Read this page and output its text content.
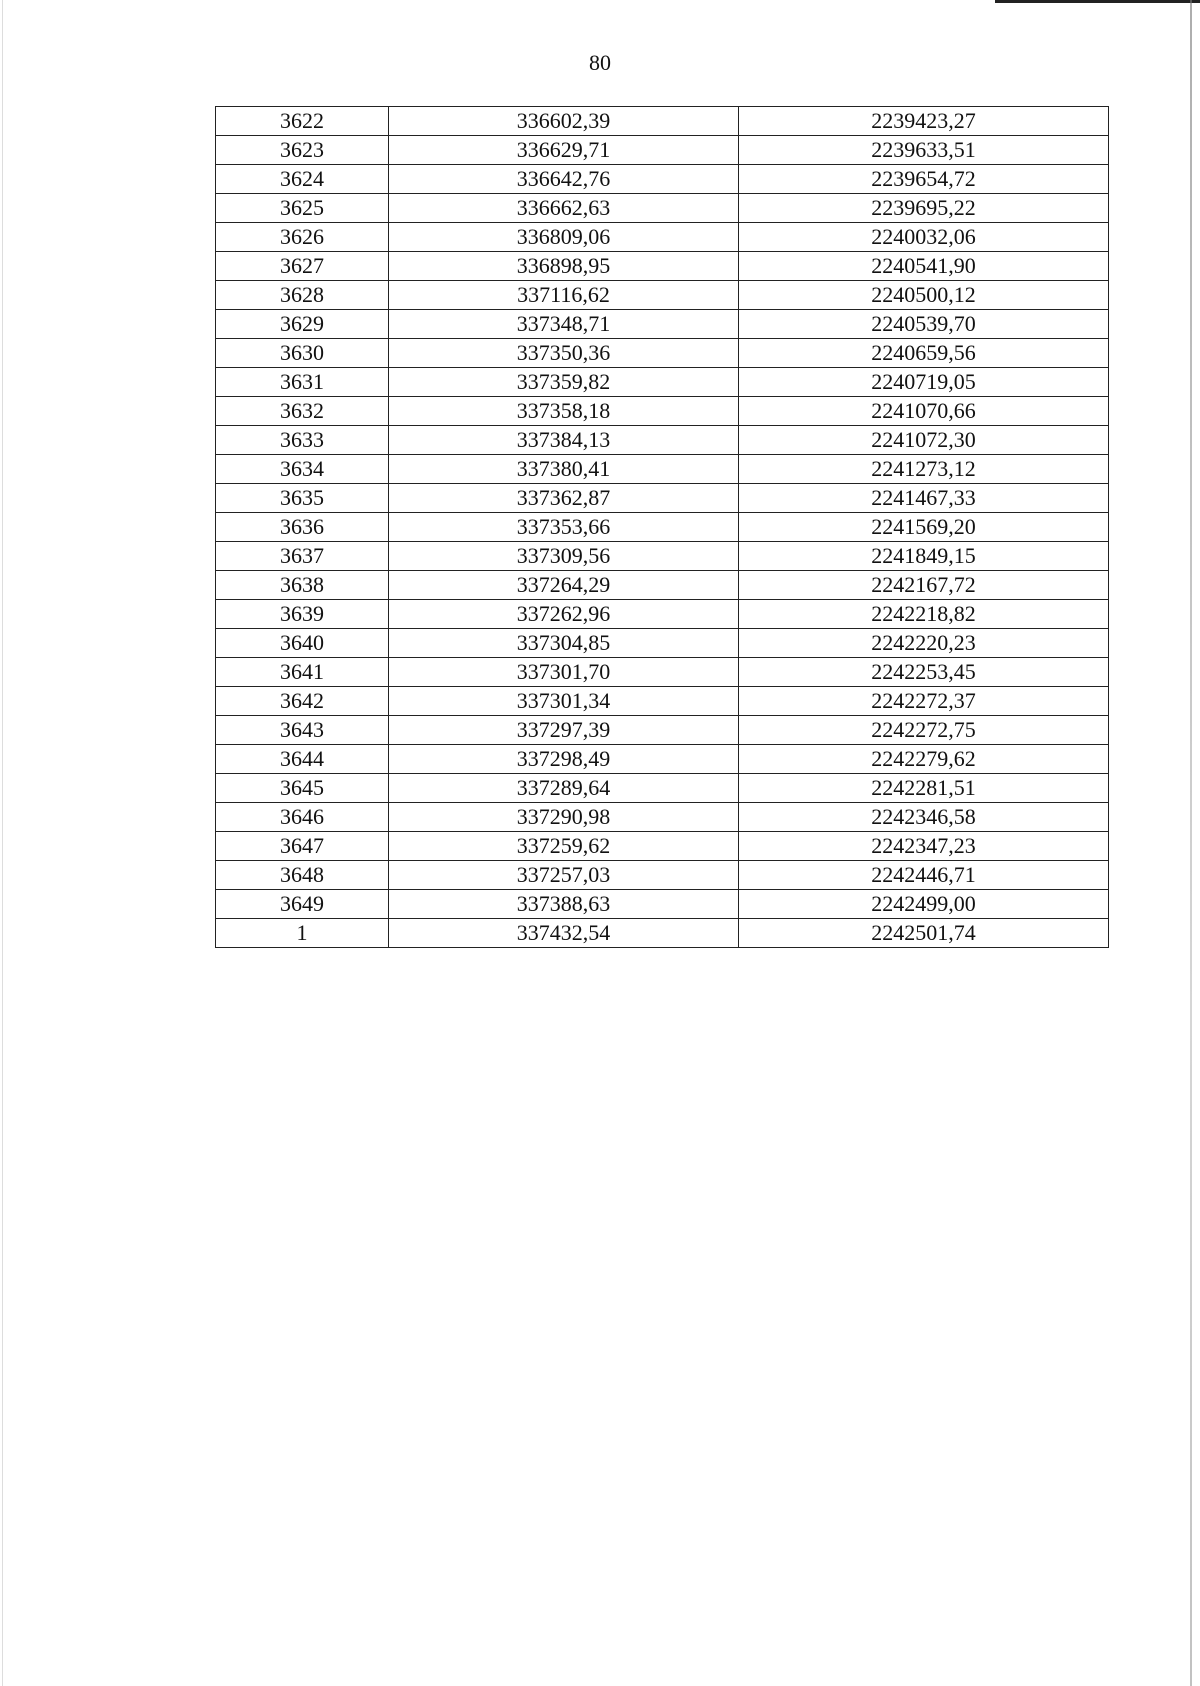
80
3622	336602,39	2239423,27
3623	336629,71	2239633,51
3624	336642,76	2239654,72
3625	336662,63	2239695,22
3626	336809,06	2240032,06
3627	336898,95	2240541,90
3628	337116,62	2240500,12
3629	337348,71	2240539,70
3630	337350,36	2240659,56
3631	337359,82	2240719,05
3632	337358,18	2241070,66
3633	337384,13	2241072,30
3634	337380,41	2241273,12
3635	337362,87	2241467,33
3636	337353,66	2241569,20
3637	337309,56	2241849,15
3638	337264,29	2242167,72
3639	337262,96	2242218,82
3640	337304,85	2242220,23
3641	337301,70	2242253,45
3642	337301,34	2242272,37
3643	337297,39	2242272,75
3644	337298,49	2242279,62
3645	337289,64	2242281,51
3646	337290,98	2242346,58
3647	337259,62	2242347,23
3648	337257,03	2242446,71
3649	337388,63	2242499,00
1	337432,54	2242501,74
